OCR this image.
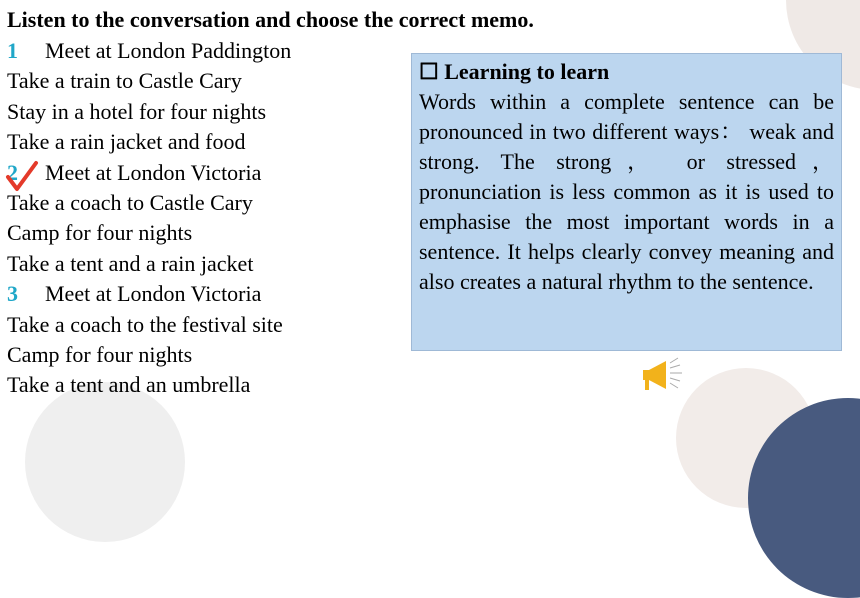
Listen to the conversation and choose the correct memo.
1 Meet at London Paddington
Take a train to Castle Cary
Stay in a hotel for four nights
Take a rain jacket and food
2 Meet at London Victoria
Take a coach to Castle Cary
Camp for four nights
Take a tent and a rain jacket
3 Meet at London Victoria
Take a coach to the festival site
Camp for four nights
Take a tent and an umbrella
☐ Learning to learn
Words within a complete sentence can be pronounced in two different ways： weak and strong. The strong， or stressed， pronunciation is less common as it is used to emphasise the most important words in a sentence. It helps clearly convey meaning and also creates a natural rhythm to the sentence.
